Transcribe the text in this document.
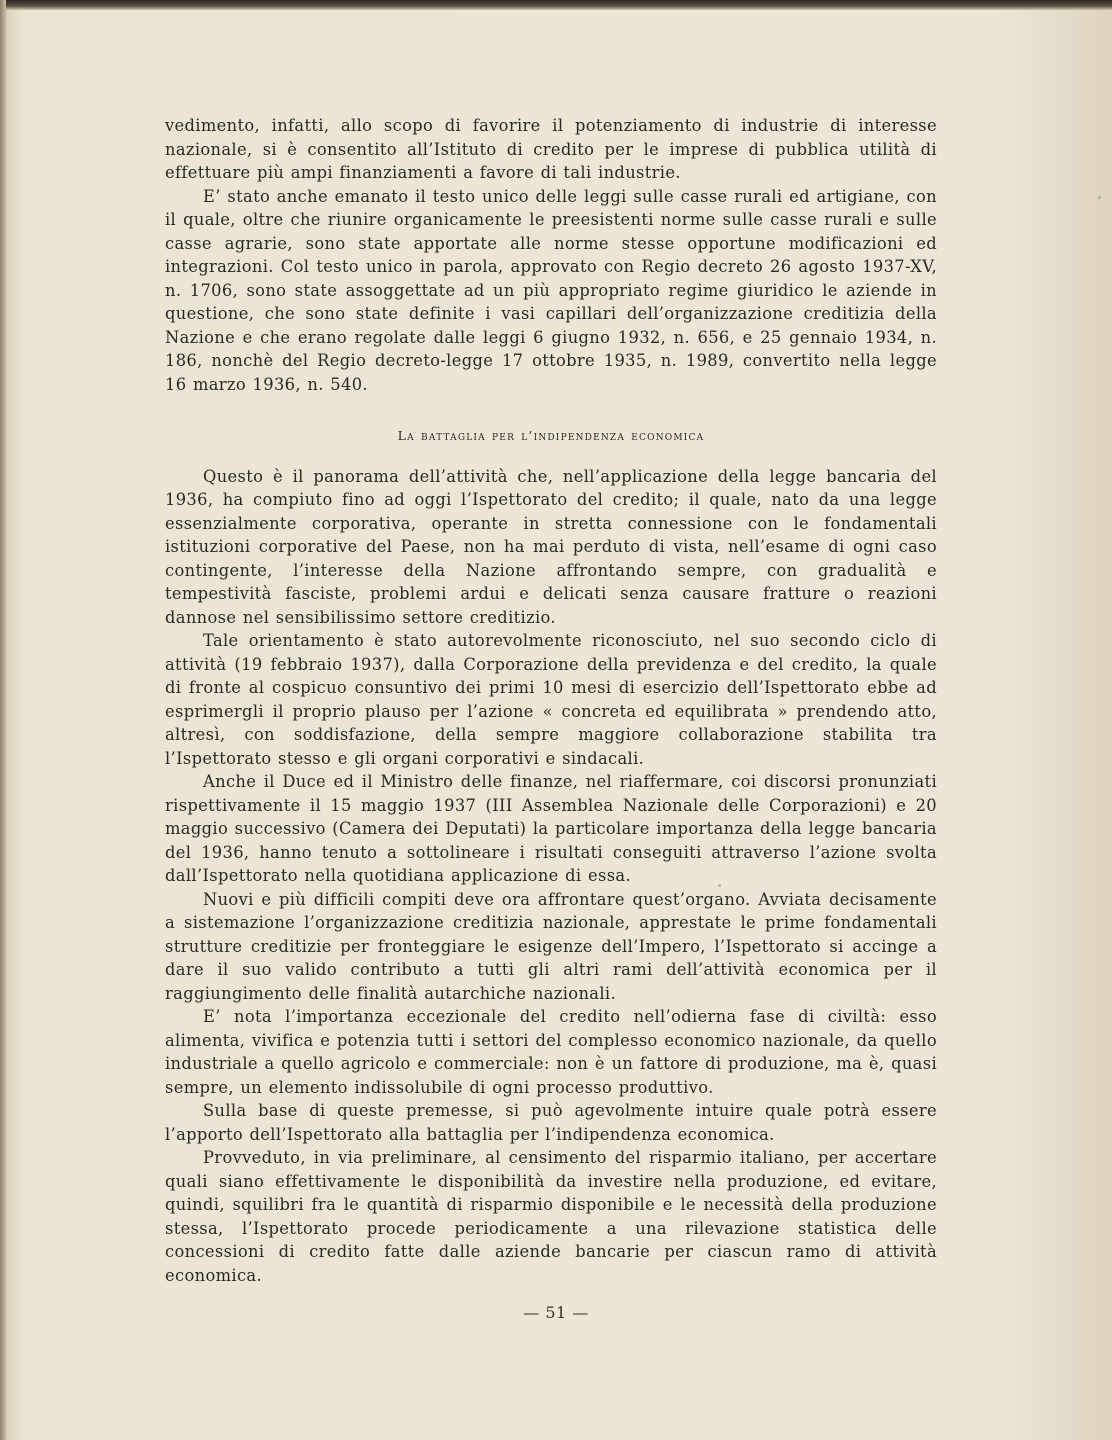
vedimento, infatti, allo scopo di favorire il potenziamento di industrie di interesse nazionale, si è consentito all’Istituto di credito per le imprese di pubblica utilità di effettuare più ampi finanziamenti a favore di tali industrie.

E’ stato anche emanato il testo unico delle leggi sulle casse rurali ed artigiane, con il quale, oltre che riunire organicamente le preesistenti norme sulle casse rurali e sulle casse agrarie, sono state apportate alle norme stesse opportune modificazioni ed integrazioni. Col testo unico in parola, approvato con Regio decreto 26 agosto 1937-XV, n. 1706, sono state assoggettate ad un più appropriato regime giuridico le aziende in questione, che sono state definite i vasi capillari dell’organizzazione creditizia della Nazione e che erano regolate dalle leggi 6 giugno 1932, n. 656, e 25 gennaio 1934, n. 186, nonchè del Regio decreto-legge 17 ottobre 1935, n. 1989, convertito nella legge 16 marzo 1936, n. 540.

La battaglia per l’indipendenza economica

Questo è il panorama dell’attività che, nell’applicazione della legge bancaria del 1936, ha compiuto fino ad oggi l’Ispettorato del credito; il quale, nato da una legge essenzialmente corporativa, operante in stretta connessione con le fondamentali istituzioni corporative del Paese, non ha mai perduto di vista, nell’esame di ogni caso contingente, l’interesse della Nazione affrontando sempre, con gradualità e tempestività fasciste, problemi ardui e delicati senza causare fratture o reazioni dannose nel sensibilissimo settore creditizio.

Tale orientamento è stato autorevolmente riconosciuto, nel suo secondo ciclo di attività (19 febbraio 1937), dalla Corporazione della previdenza e del credito, la quale di fronte al cospicuo consuntivo dei primi 10 mesi di esercizio dell’Ispettorato ebbe ad esprimergli il proprio plauso per l’azione « concreta ed equilibrata » prendendo atto, altresì, con soddisfazione, della sempre maggiore collaborazione stabilita tra l’Ispettorato stesso e gli organi corporativi e sindacali.

Anche il Duce ed il Ministro delle finanze, nel riaffermare, coi discorsi pronunziati rispettivamente il 15 maggio 1937 (III Assemblea Nazionale delle Corporazioni) e 20 maggio successivo (Camera dei Deputati) la particolare importanza della legge bancaria del 1936, hanno tenuto a sottolineare i risultati conseguiti attraverso l’azione svolta dall’Ispettorato nella quotidiana applicazione di essa.

Nuovi e più difficili compiti deve ora affrontare quest’organo. Avviata decisamente a sistemazione l’organizzazione creditizia nazionale, apprestate le prime fondamentali strutture creditizie per fronteggiare le esigenze dell’Impero, l’Ispettorato si accinge a dare il suo valido contributo a tutti gli altri rami dell’attività economica per il raggiungimento delle finalità autarchiche nazionali.

E’ nota l’importanza eccezionale del credito nell’odierna fase di civiltà: esso alimenta, vivifica e potenzia tutti i settori del complesso economico nazionale, da quello industriale a quello agricolo e commerciale: non è un fattore di produzione, ma è, quasi sempre, un elemento indissolubile di ogni processo produttivo.

Sulla base di queste premesse, si può agevolmente intuire quale potrà essere l’apporto dell’Ispettorato alla battaglia per l’indipendenza economica.

Provveduto, in via preliminare, al censimento del risparmio italiano, per accertare quali siano effettivamente le disponibilità da investire nella produzione, ed evitare, quindi, squilibri fra le quantità di risparmio disponibile e le necessità della produzione stessa, l’Ispettorato procede periodicamente a una rilevazione statistica delle concessioni di credito fatte dalle aziende bancarie per ciascun ramo di attività economica.

— 51 —
